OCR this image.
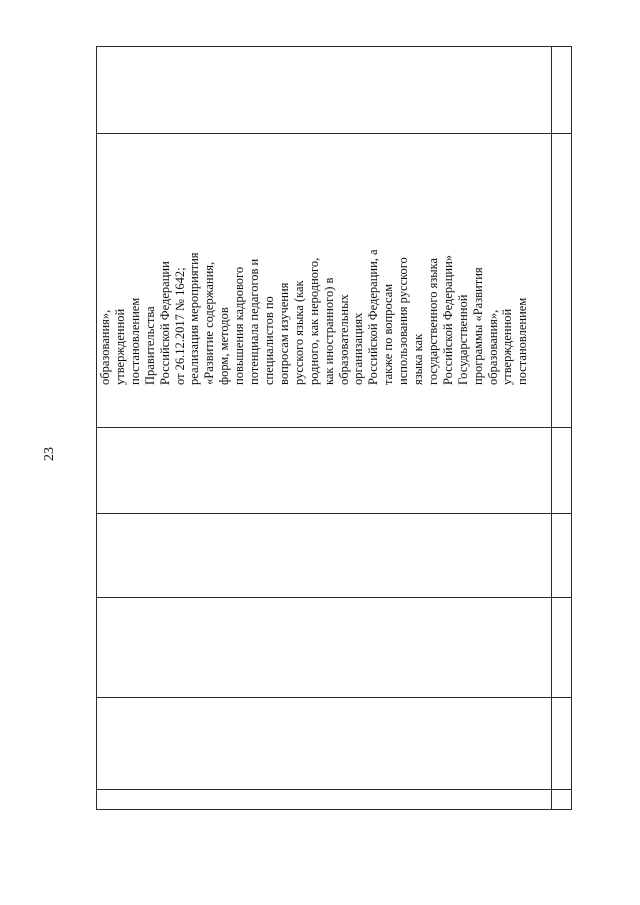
23
образования», утвержденной постановлением Правительства Российской Федерации от 26.12.2017 № 1642; реализация мероприятия «Развитие содержания, форм, методов повышения кадрового потенциала педагогов и специалистов по вопросам изучения русского языка (как родного, как неродного, как иностранного) в образовательных организациях Российской Федерации, а также по вопросам использования русского языка как государственного языка Российской Федерации» Государственной программы «Развития образования», утвержденной постановлением
